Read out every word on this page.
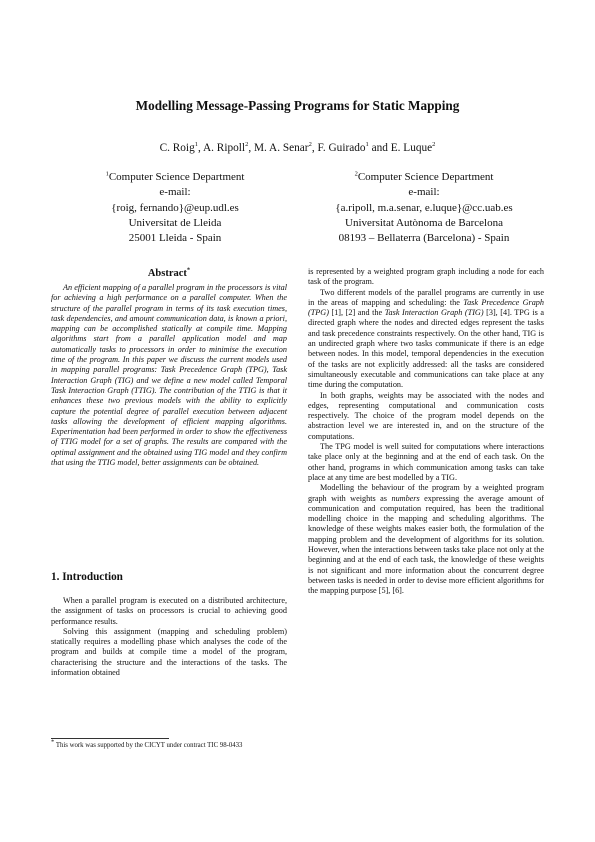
Modelling Message-Passing Programs for Static Mapping
C. Roig$^1$, A. Ripoll$^2$, M. A. Senar$^2$, F. Guirado$^1$ and E. Luque$^2$
$^1$Computer Science Department
e-mail:
{roig, fernando}@eup.udl.es
Universitat de Lleida
25001 Lleida - Spain
$^2$Computer Science Department
e-mail:
{a.ripoll, m.a.senar, e.luque}@cc.uab.es
Universitat Autònoma de Barcelona
08193 – Bellaterra (Barcelona) - Spain
Abstract*

An efficient mapping of a parallel program in the processors is vital for achieving a high performance on a parallel computer. When the structure of the parallel program in terms of its task execution times, task dependencies, and amount communication data, is known a priori, mapping can be accomplished statically at compile time. Mapping algorithms start from a parallel application model and map automatically tasks to processors in order to minimise the execution time of the program. In this paper we discuss the current models used in mapping parallel programs: Task Precedence Graph (TPG), Task Interaction Graph (TIG) and we define a new model called Temporal Task Interaction Graph (TTIG). The contribution of the TTIG is that it enhances these two previous models with the ability to explicitly capture the potential degree of parallel execution between adjacent tasks allowing the development of efficient mapping algorithms. Experimentation had been performed in order to show the effectiveness of TTIG model for a set of graphs. The results are compared with the optimal assignment and the obtained using TIG model and they confirm that using the TTIG model, better assignments can be obtained.

1. Introduction

When a parallel program is executed on a distributed architecture, the assignment of tasks on processors is crucial to achieving good performance results.

Solving this assignment (mapping and scheduling problem) statically requires a modelling phase which analyses the code of the program and builds at compile time a model of the program, characterising the structure and the interactions of the tasks. The information obtained

is represented by a weighted program graph including a node for each task of the program.

Two different models of the parallel programs are currently in use in the areas of mapping and scheduling: the Task Precedence Graph (TPG) [1], [2] and the Task Interaction Graph (TIG) [3], [4]. TPG is a directed graph where the nodes and directed edges represent the tasks and task precedence constraints respectively. On the other hand, TIG is an undirected graph where two tasks communicate if there is an edge between nodes. In this model, temporal dependencies in the execution of the tasks are not explicitly addressed: all the tasks are considered simultaneously executable and communications can take place at any time during the computation.

In both graphs, weights may be associated with the nodes and edges, representing computational and communication costs respectively. The choice of the program model depends on the abstraction level we are interested in, and on the structure of the computations.

The TPG model is well suited for computations where interactions take place only at the beginning and at the end of each task. On the other hand, programs in which communication among tasks can take place at any time are best modelled by a TIG.

Modelling the behaviour of the program by a weighted program graph with weights as numbers expressing the average amount of communication and computation required, has been the traditional modelling choice in the mapping and scheduling algorithms. The knowledge of these weights makes easier both, the formulation of the mapping problem and the development of algorithms for its solution. However, when the interactions between tasks take place not only at the beginning and at the end of each task, the knowledge of these weights is not significant and more information about the concurrent degree between tasks is needed in order to devise more efficient algorithms for the mapping purpose [5], [6].

* This work was supported by the CICYT under contract TIC 98-0433
